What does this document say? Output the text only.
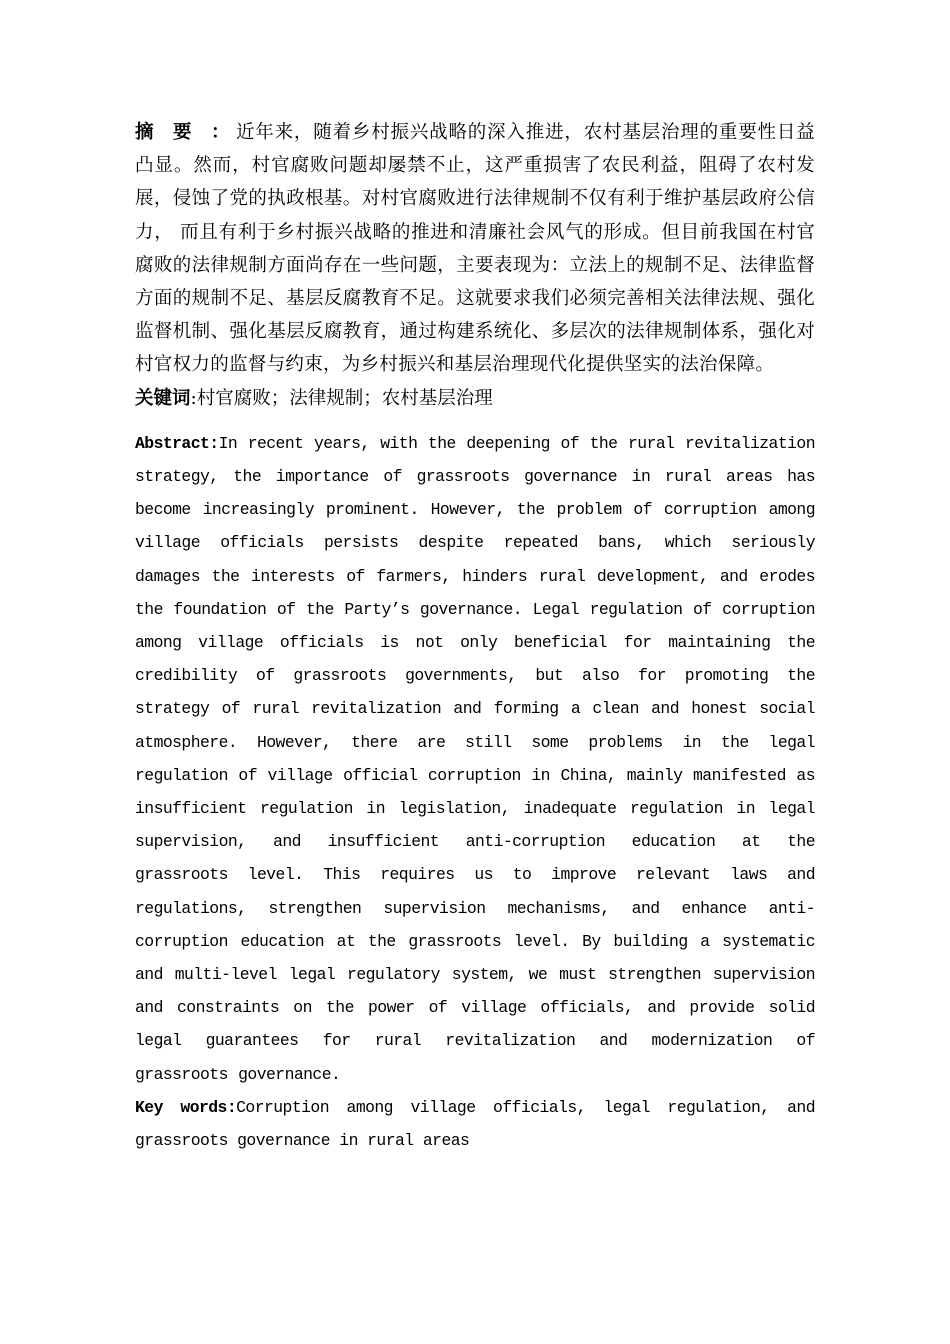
摘 要 ：近年来，随着乡村振兴战略的深入推进，农村基层治理的重要性日益凸显。然而，村官腐败问题却屡禁不止，这严重损害了农民利益，阻碍了农村发展，侵蚀了党的执政根基。对村官腐败进行法律规制不仅有利于维护基层政府公信力， 而且有利于乡村振兴战略的推进和清廉社会风气的形成。但目前我国在村官腐败的法律规制方面尚存在一些问题，主要表现为：立法上的规制不足、法律监督方面的规制不足、基层反腐教育不足。这就要求我们必须完善相关法律法规、强化监督机制、强化基层反腐教育，通过构建系统化、多层次的法律规制体系，强化对村官权力的监督与约束，为乡村振兴和基层治理现代化提供坚实的法治保障。

关键词:村官腐败；法律规制；农村基层治理

Abstract:In recent years, with the deepening of the rural revitalization strategy, the importance of grassroots governance in rural areas has become increasingly prominent. However, the problem of corruption among village officials persists despite repeated bans, which seriously damages the interests of farmers, hinders rural development, and erodes the foundation of the Party’s governance. Legal regulation of corruption among village officials is not only beneficial for maintaining the credibility of grassroots governments, but also for promoting the strategy of rural revitalization and forming a clean and honest social atmosphere. However, there are still some problems in the legal regulation of village official corruption in China, mainly manifested as insufficient regulation in legislation, inadequate regulation in legal supervision, and insufficient anti-corruption education at the grassroots level. This requires us to improve relevant laws and regulations, strengthen supervision mechanisms, and enhance anti-corruption education at the grassroots level. By building a systematic and multi-level legal regulatory system, we must strengthen supervision and constraints on the power of village officials, and provide solid legal guarantees for rural revitalization and modernization of grassroots governance.

Key words:Corruption among village officials, legal regulation, and grassroots governance in rural areas
